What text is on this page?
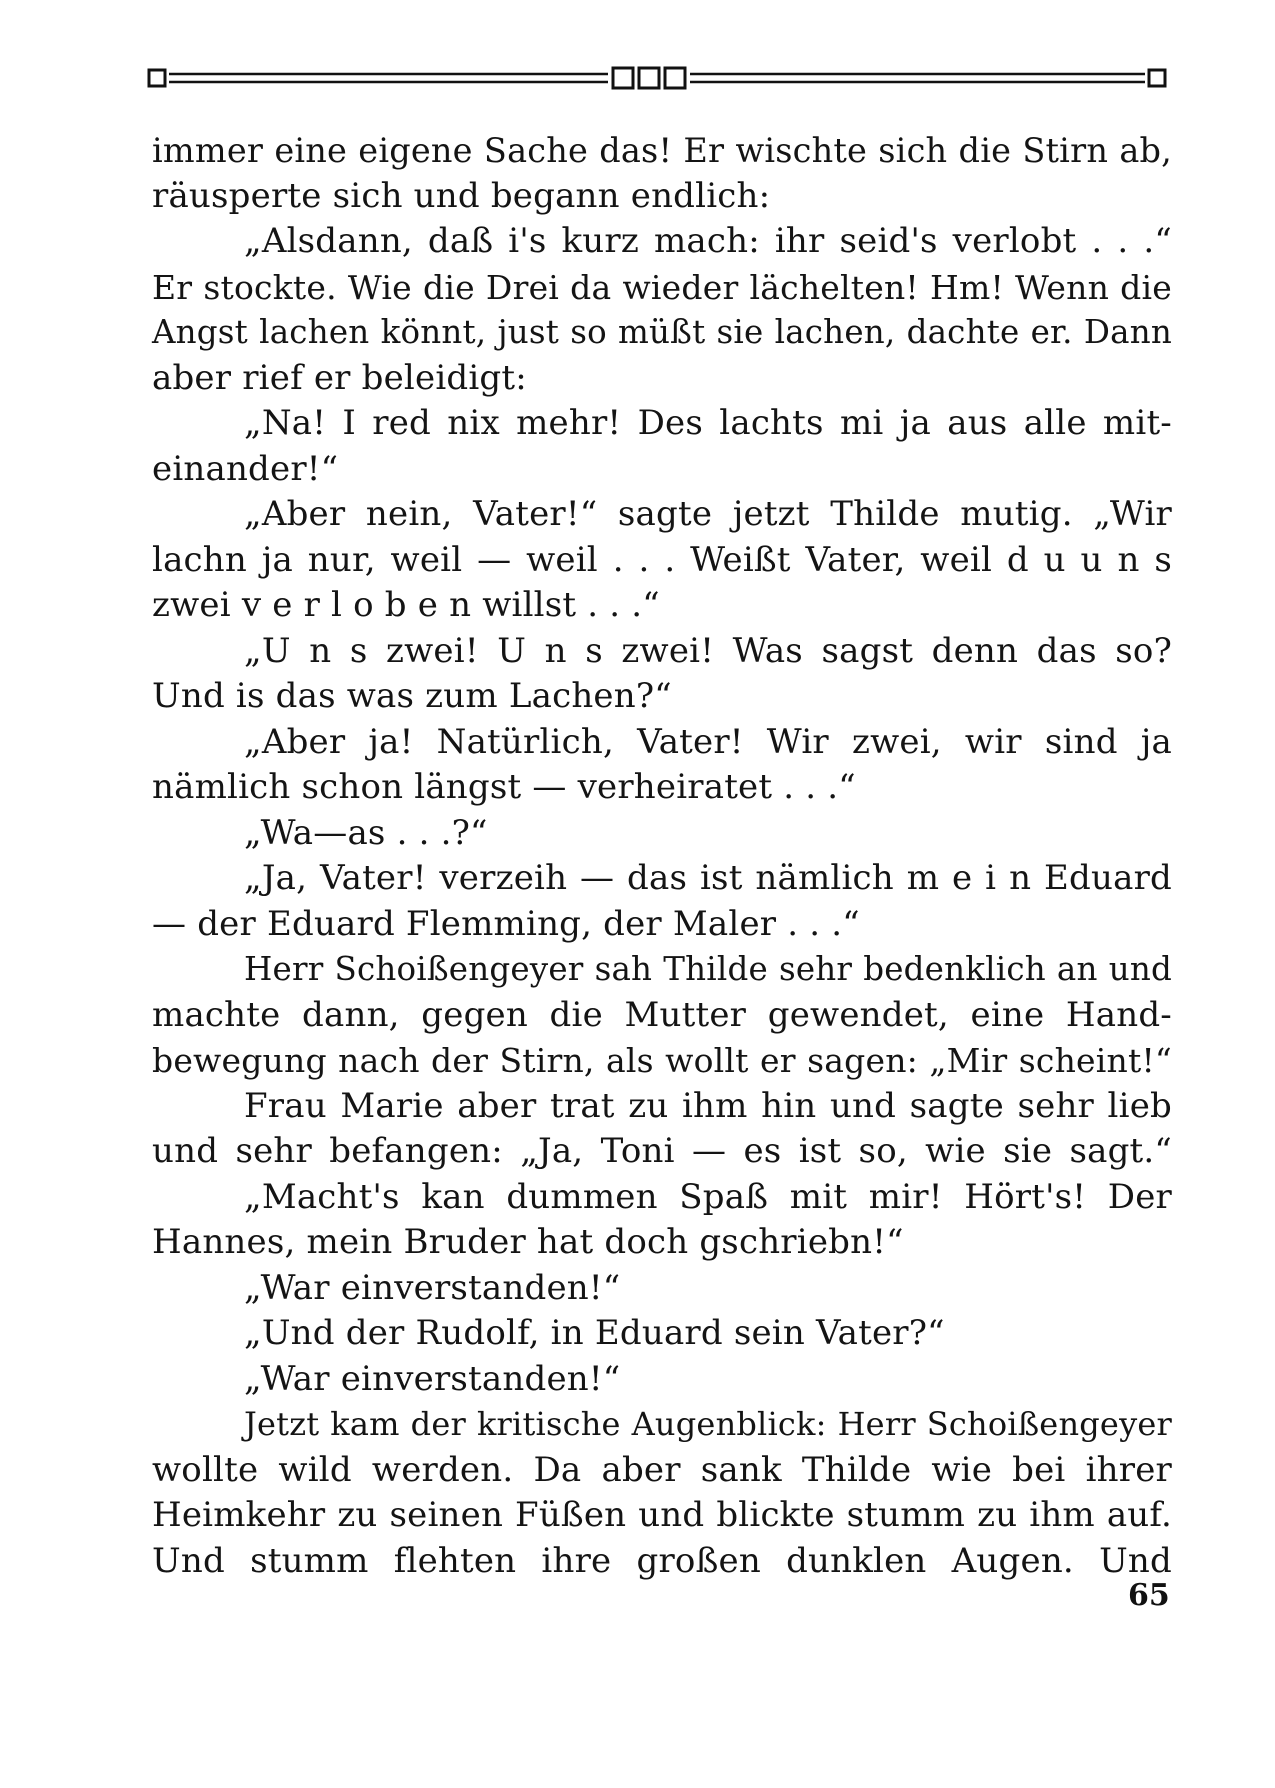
immer eine eigene Sache das! Er wischte sich die Stirn ab,
räusperte sich und begann endlich:
„Alsdann, daß i's kurz mach: ihr seid's verlobt . . .“
Er stockte. Wie die Drei da wieder lächelten! Hm! Wenn die
Angst lachen könnt, just so müßt sie lachen, dachte er. Dann
aber rief er beleidigt:
„Na! I red nix mehr! Des lachts mi ja aus alle mit-
einander!“
„Aber nein, Vater!“ sagte jetzt Thilde mutig. „Wir
lachn ja nur, weil — weil . . . Weißt Vater, weil d u u n s
zwei v e r l o b e n willst . . .“
„U n s zwei! U n s zwei! Was sagst denn das so?
Und is das was zum Lachen?“
„Aber ja! Natürlich, Vater! Wir zwei, wir sind ja
nämlich schon längst — verheiratet . . .“
„Wa—as . . .?“
„Ja, Vater! verzeih — das ist nämlich m e i n Eduard
— der Eduard Flemming, der Maler . . .“
Herr Schoißengeyer sah Thilde sehr bedenklich an und
machte dann, gegen die Mutter gewendet, eine Hand-
bewegung nach der Stirn, als wollt er sagen: „Mir scheint!“
Frau Marie aber trat zu ihm hin und sagte sehr lieb
und sehr befangen: „Ja, Toni — es ist so, wie sie sagt.“
„Macht's kan dummen Spaß mit mir! Hört's! Der
Hannes, mein Bruder hat doch gschriebn!“
„War einverstanden!“
„Und der Rudolf, in Eduard sein Vater?“
„War einverstanden!“
Jetzt kam der kritische Augenblick: Herr Schoißengeyer
wollte wild werden. Da aber sank Thilde wie bei ihrer
Heimkehr zu seinen Füßen und blickte stumm zu ihm auf.
Und stumm flehten ihre großen dunklen Augen. Und
65
